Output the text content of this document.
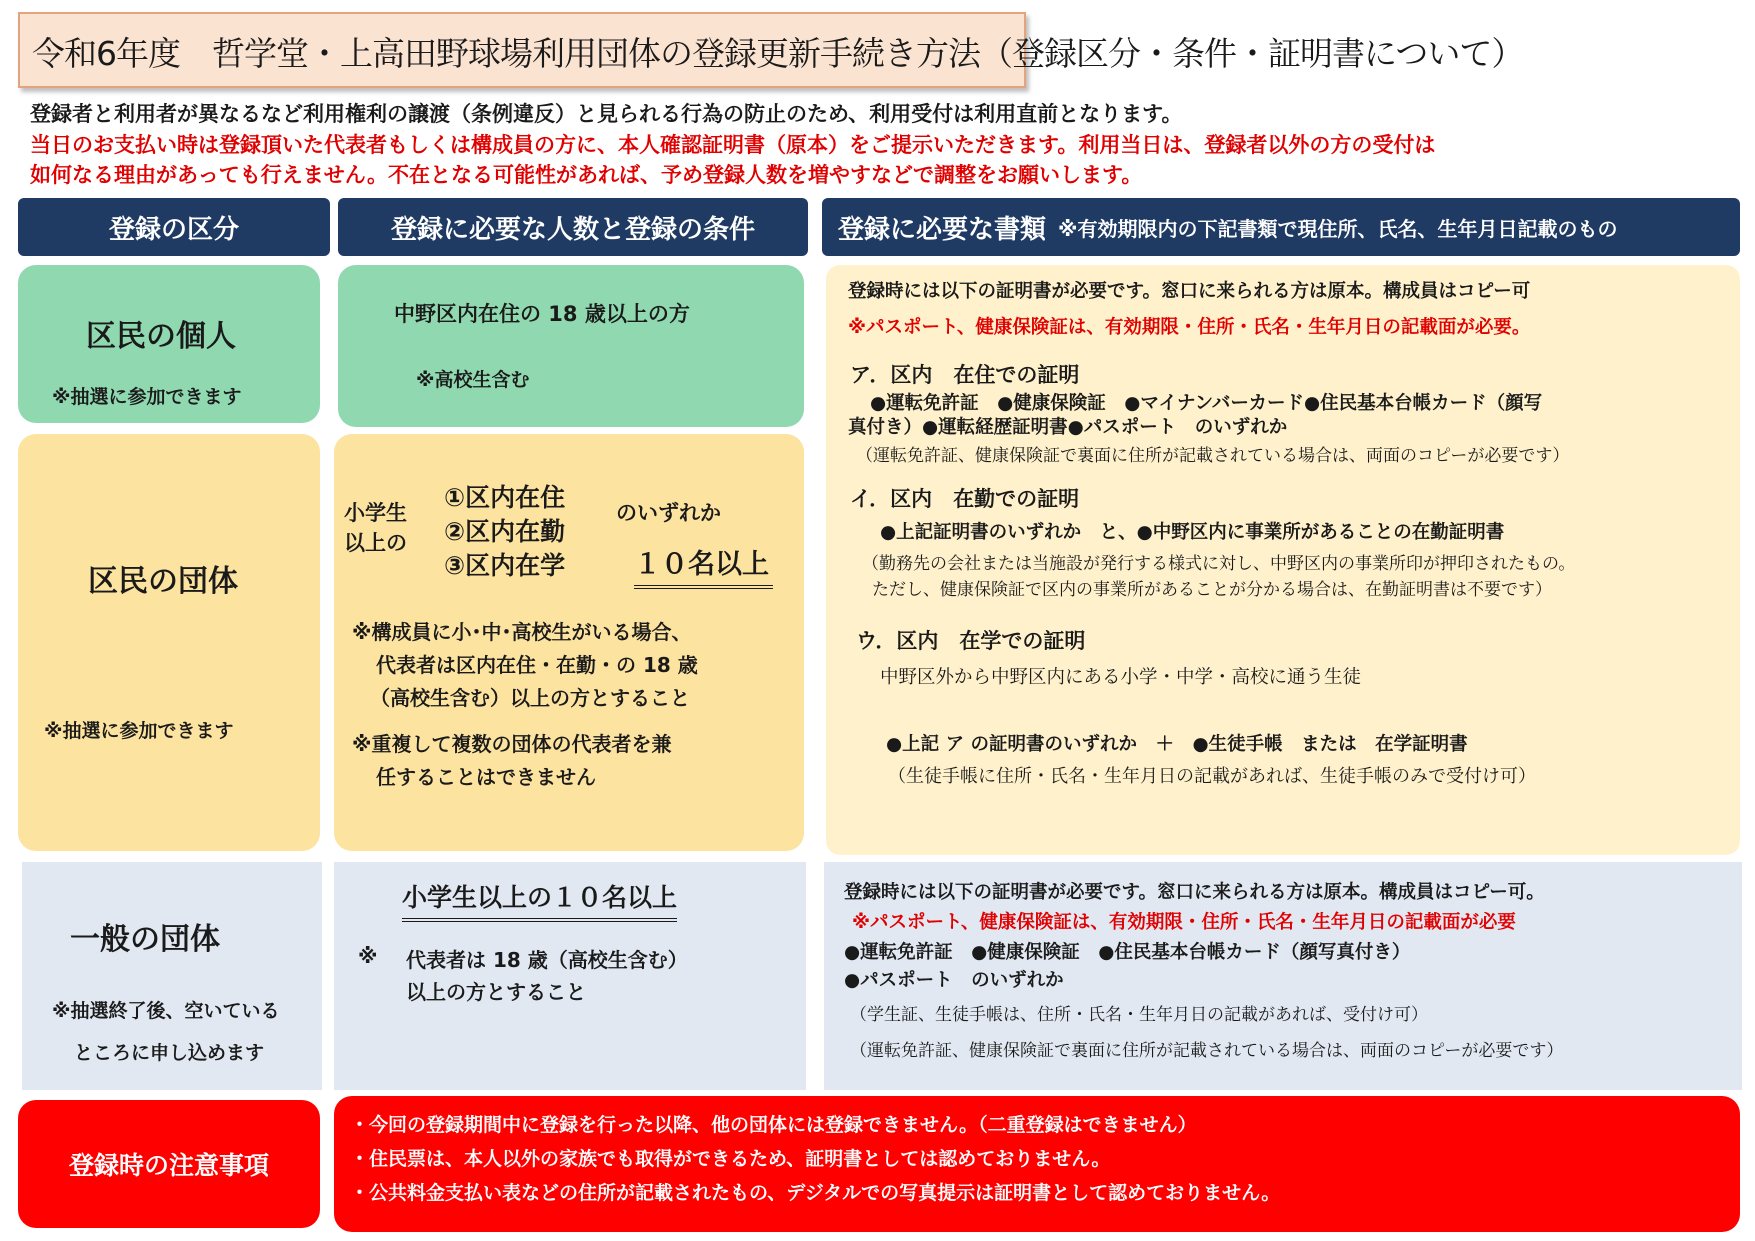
令和6年度　哲学堂・上高田野球場利用団体の登録更新手続き方法（登録区分・条件・証明書について）
登録者と利用者が異なるなど利用権利の譲渡（条例違反）と見られる行為の防止のため、利用受付は利用直前となります。
当日のお支払い時は登録頂いた代表者もしくは構成員の方に、本人確認証明書（原本）をご提示いただきます。利用当日は、登録者以外の方の受付は
如何なる理由があっても行えません。不在となる可能性があれば、予め登録人数を増やすなどで調整をお願いします。
登録の区分	登録に必要な人数と登録の条件	登録に必要な書類 ※有効期限内の下記書類で現住所、氏名、生年月日記載のもの
区民の個人
※抽選に参加できます
中野区内在住の 18 歳以上の方
※高校生含む
区民の団体
※抽選に参加できます
小学生
以上の
①区内在住
②区内在勤
③区内在学
のいずれか
１０名以上
※構成員に小･中･高校生がいる場合、
代表者は区内在住・在勤・の 18 歳
（高校生含む）以上の方とすること
※重複して複数の団体の代表者を兼
任することはできません
登録時には以下の証明書が必要です。窓口に来られる方は原本。構成員はコピー可
※パスポート、健康保険証は、有効期限・住所・氏名・生年月日の記載面が必要。
ア．区内　在住での証明
●運転免許証　●健康保険証　●マイナンバーカード●住民基本台帳カード（顔写
真付き）●運転経歴証明書●パスポート　のいずれか
（運転免許証、健康保険証で裏面に住所が記載されている場合は、両面のコピーが必要です）
イ．区内　在勤での証明
●上記証明書のいずれか　と、●中野区内に事業所があることの在勤証明書
（勤務先の会社または当施設が発行する様式に対し、中野区内の事業所印が押印されたもの。
ただし、健康保険証で区内の事業所があることが分かる場合は、在勤証明書は不要です）
ウ．区内　在学での証明
中野区外から中野区内にある小学・中学・高校に通う生徒
●上記 ア の証明書のいずれか　＋　●生徒手帳　または　在学証明書
（生徒手帳に住所・氏名・生年月日の記載があれば、生徒手帳のみで受付け可）
一般の団体
※抽選終了後、空いている
ところに申し込めます
小学生以上の１０名以上
※ 代表者は 18 歳（高校生含む）
以上の方とすること
登録時には以下の証明書が必要です。窓口に来られる方は原本。構成員はコピー可。
※パスポート、健康保険証は、有効期限・住所・氏名・生年月日の記載面が必要
●運転免許証　●健康保険証　●住民基本台帳カード（顔写真付き）
●パスポート　のいずれか
（学生証、生徒手帳は、住所・氏名・生年月日の記載があれば、受付け可）
（運転免許証、健康保険証で裏面に住所が記載されている場合は、両面のコピーが必要です）
登録時の注意事項
・今回の登録期間中に登録を行った以降、他の団体には登録できません。（二重登録はできません）
・住民票は、本人以外の家族でも取得ができるため、証明書としては認めておりません。
・公共料金支払い表などの住所が記載されたもの、デジタルでの写真提示は証明書として認めておりません。
